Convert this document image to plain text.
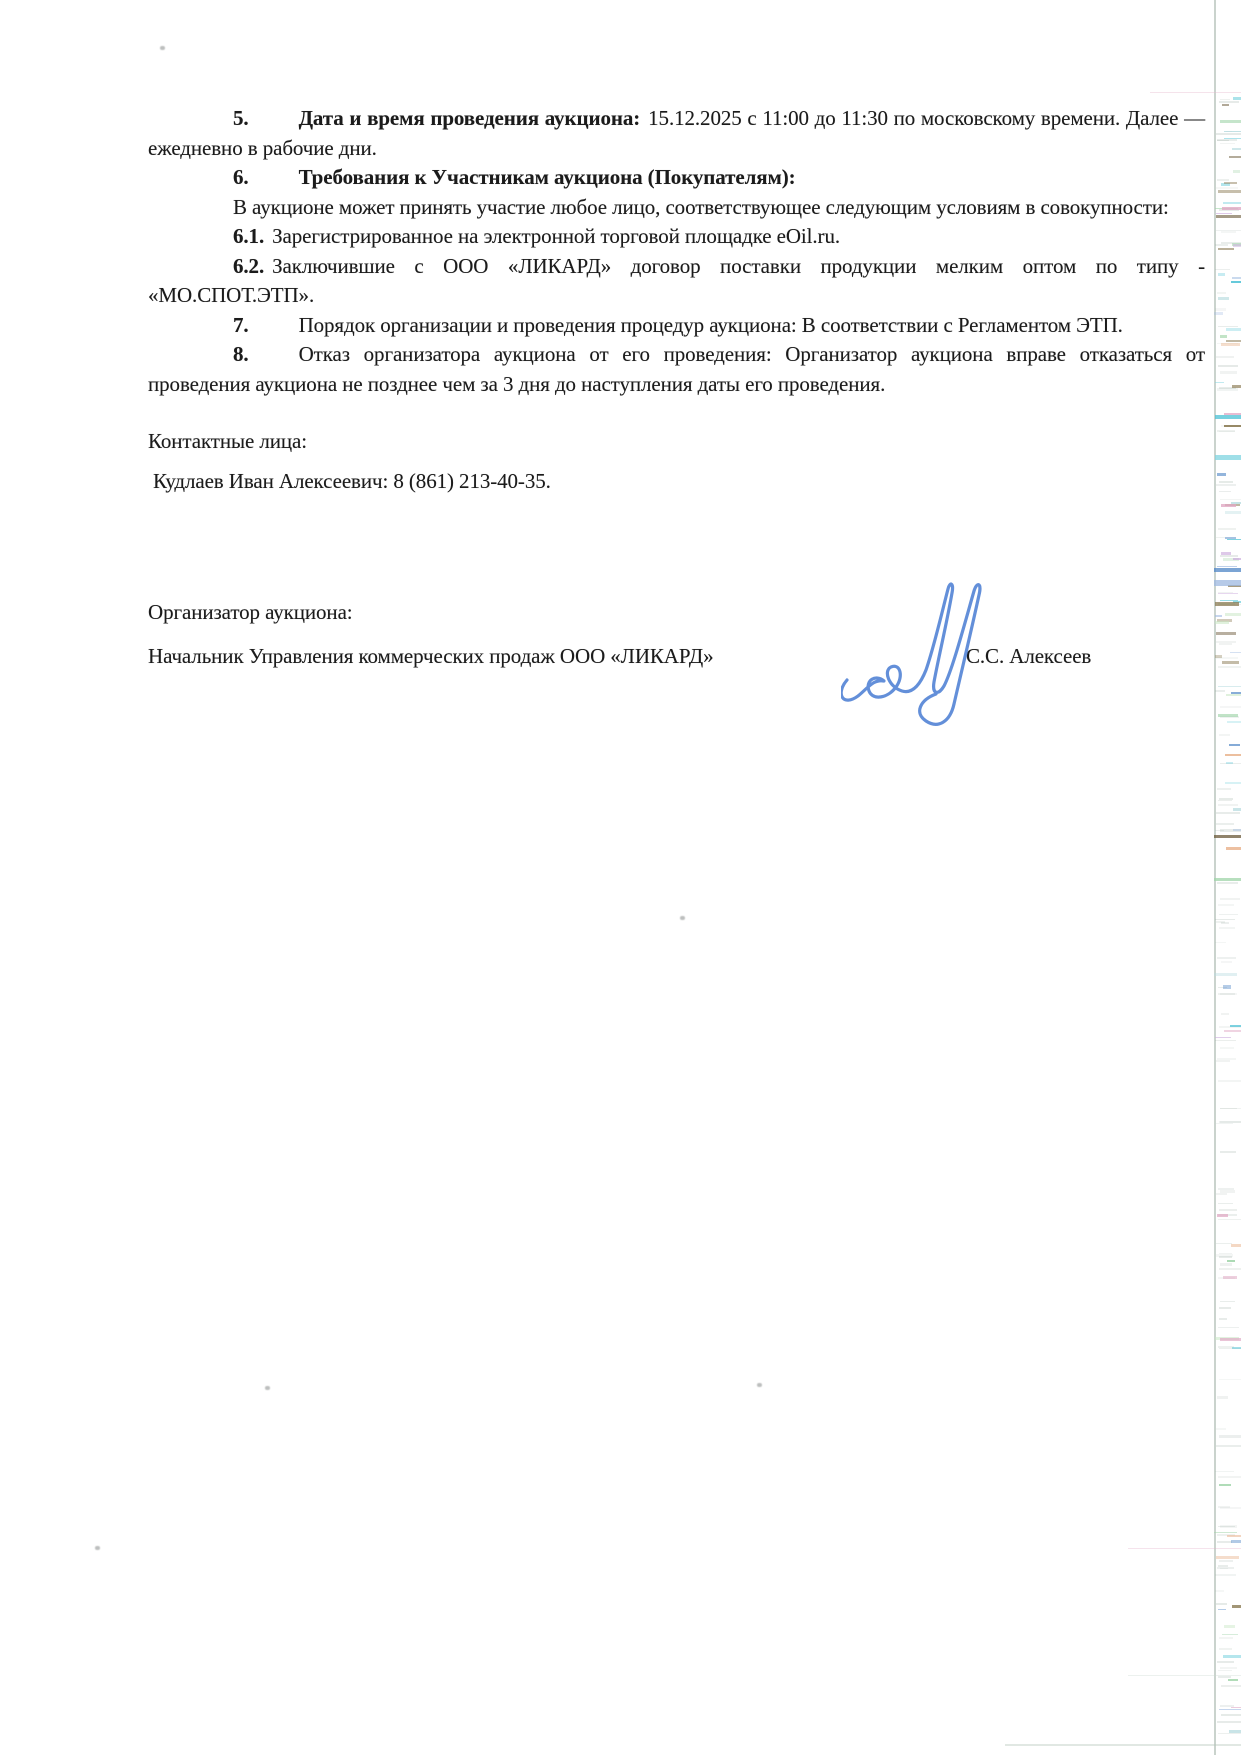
5. Дата и время проведения аукциона: 15.12.2025 с 11:00 до 11:30 по московскому времени. Далее — ежедневно в рабочие дни.

6. Требования к Участникам аукциона (Покупателям):

В аукционе может принять участие любое лицо, соответствующее следующим условиям в совокупности:

6.1. Зарегистрированное на электронной торговой площадке eOil.ru.

6.2. Заключившие с ООО «ЛИКАРД» договор поставки продукции мелким оптом по типу - «МО.СПОТ.ЭТП».

7. Порядок организации и проведения процедур аукциона: В соответствии с Регламентом ЭТП.

8. Отказ организатора аукциона от его проведения: Организатор аукциона вправе отказаться от проведения аукциона не позднее чем за 3 дня до наступления даты его проведения.

Контактные лица:

Кудлаев Иван Алексеевич: 8 (861) 213-40-35.

Организатор аукциона:

Начальник Управления коммерческих продаж ООО «ЛИКАРД»	С.С. Алексеев
